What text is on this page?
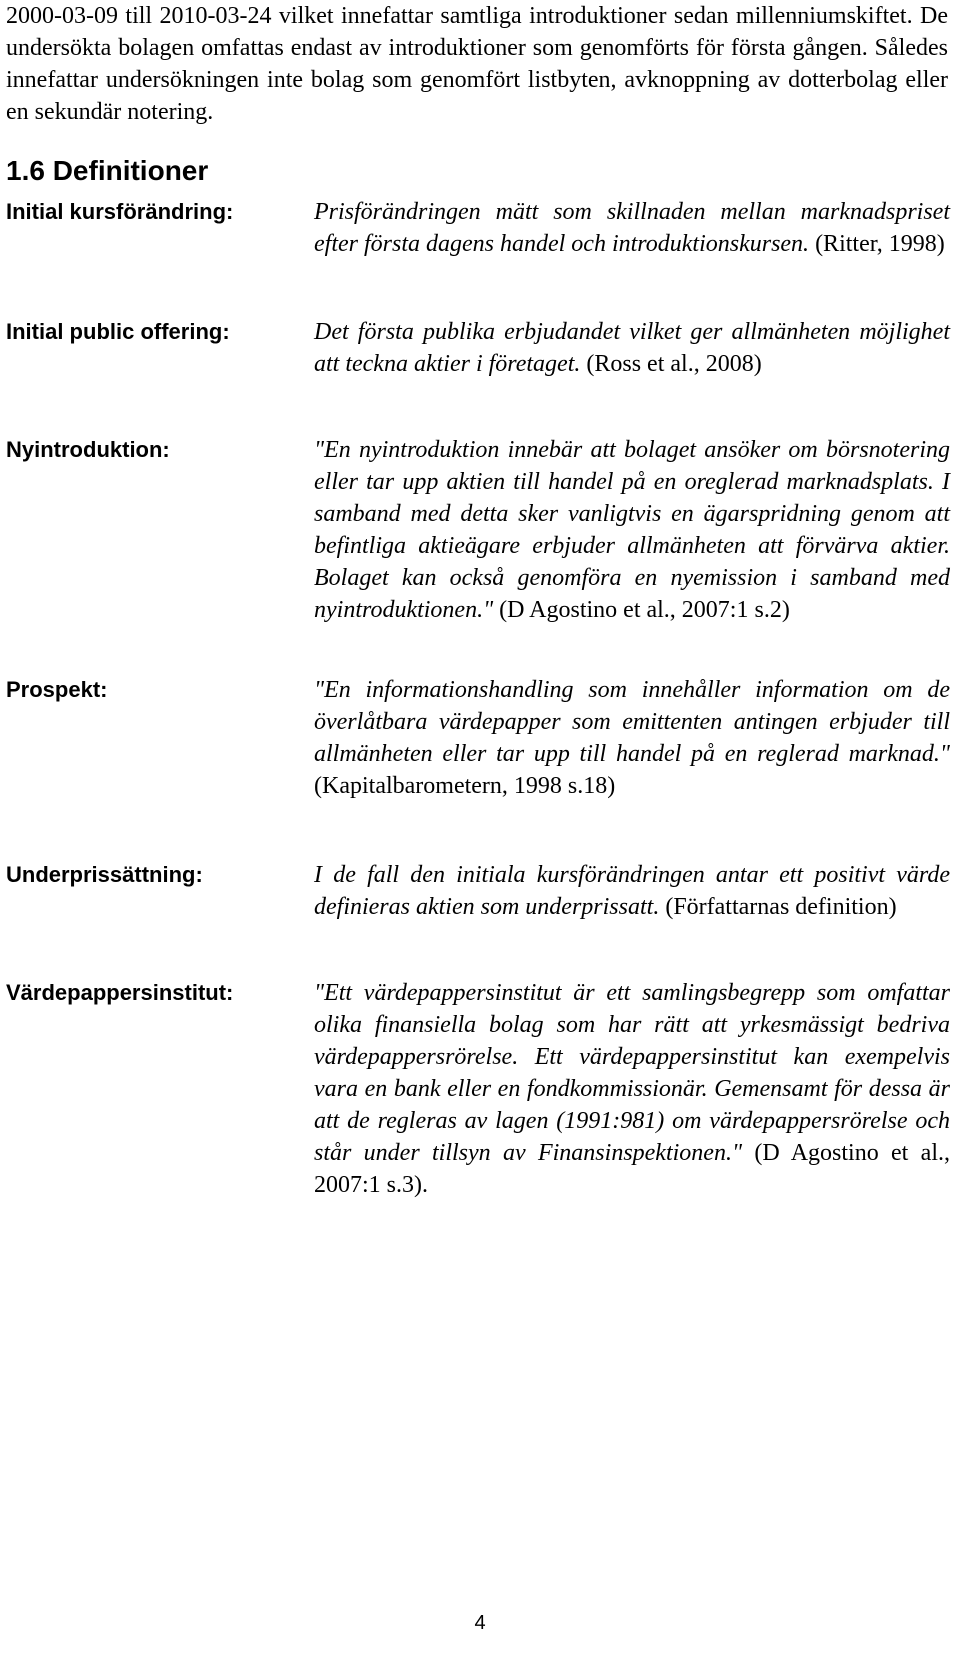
2000-03-09 till 2010-03-24 vilket innefattar samtliga introduktioner sedan millenniumskiftet. De undersökta bolagen omfattas endast av introduktioner som genomförts för första gången. Således innefattar undersökningen inte bolag som genomfört listbyten, avknoppning av dotterbolag eller en sekundär notering.

1.6 Definitioner
Initial kursförändring:	Prisförändringen mätt som skillnaden mellan marknadspriset efter första dagens handel och introduktionskursen. (Ritter, 1998)

Initial public offering:	Det första publika erbjudandet vilket ger allmänheten möjlighet att teckna aktier i företaget. (Ross et al., 2008)

Nyintroduktion:	"En nyintroduktion innebär att bolaget ansöker om börsnotering eller tar upp aktien till handel på en oreglerad marknadsplats. I samband med detta sker vanligtvis en ägarspridning genom att befintliga aktieägare erbjuder allmänheten att förvärva aktier. Bolaget kan också genomföra en nyemission i samband med nyintroduktionen." (D Agostino et al., 2007:1 s.2)

Prospekt:	"En informationshandling som innehåller information om de överlåtbara värdepapper som emittenten antingen erbjuder till allmänheten eller tar upp till handel på en reglerad marknad." (Kapitalbarometern, 1998 s.18)

Underprissättning:	I de fall den initiala kursförändringen antar ett positivt värde definieras aktien som underprissatt. (Författarnas definition)

Värdepappersinstitut:	"Ett värdepappersinstitut är ett samlingsbegrepp som omfattar olika finansiella bolag som har rätt att yrkesmässigt bedriva värdepappersrörelse. Ett värdepappersinstitut kan exempelvis vara en bank eller en fondkommissionär. Gemensamt för dessa är att de regleras av lagen (1991:981) om värdepappersrörelse och står under tillsyn av Finansinspektionen." (D Agostino et al., 2007:1 s.3).

4
